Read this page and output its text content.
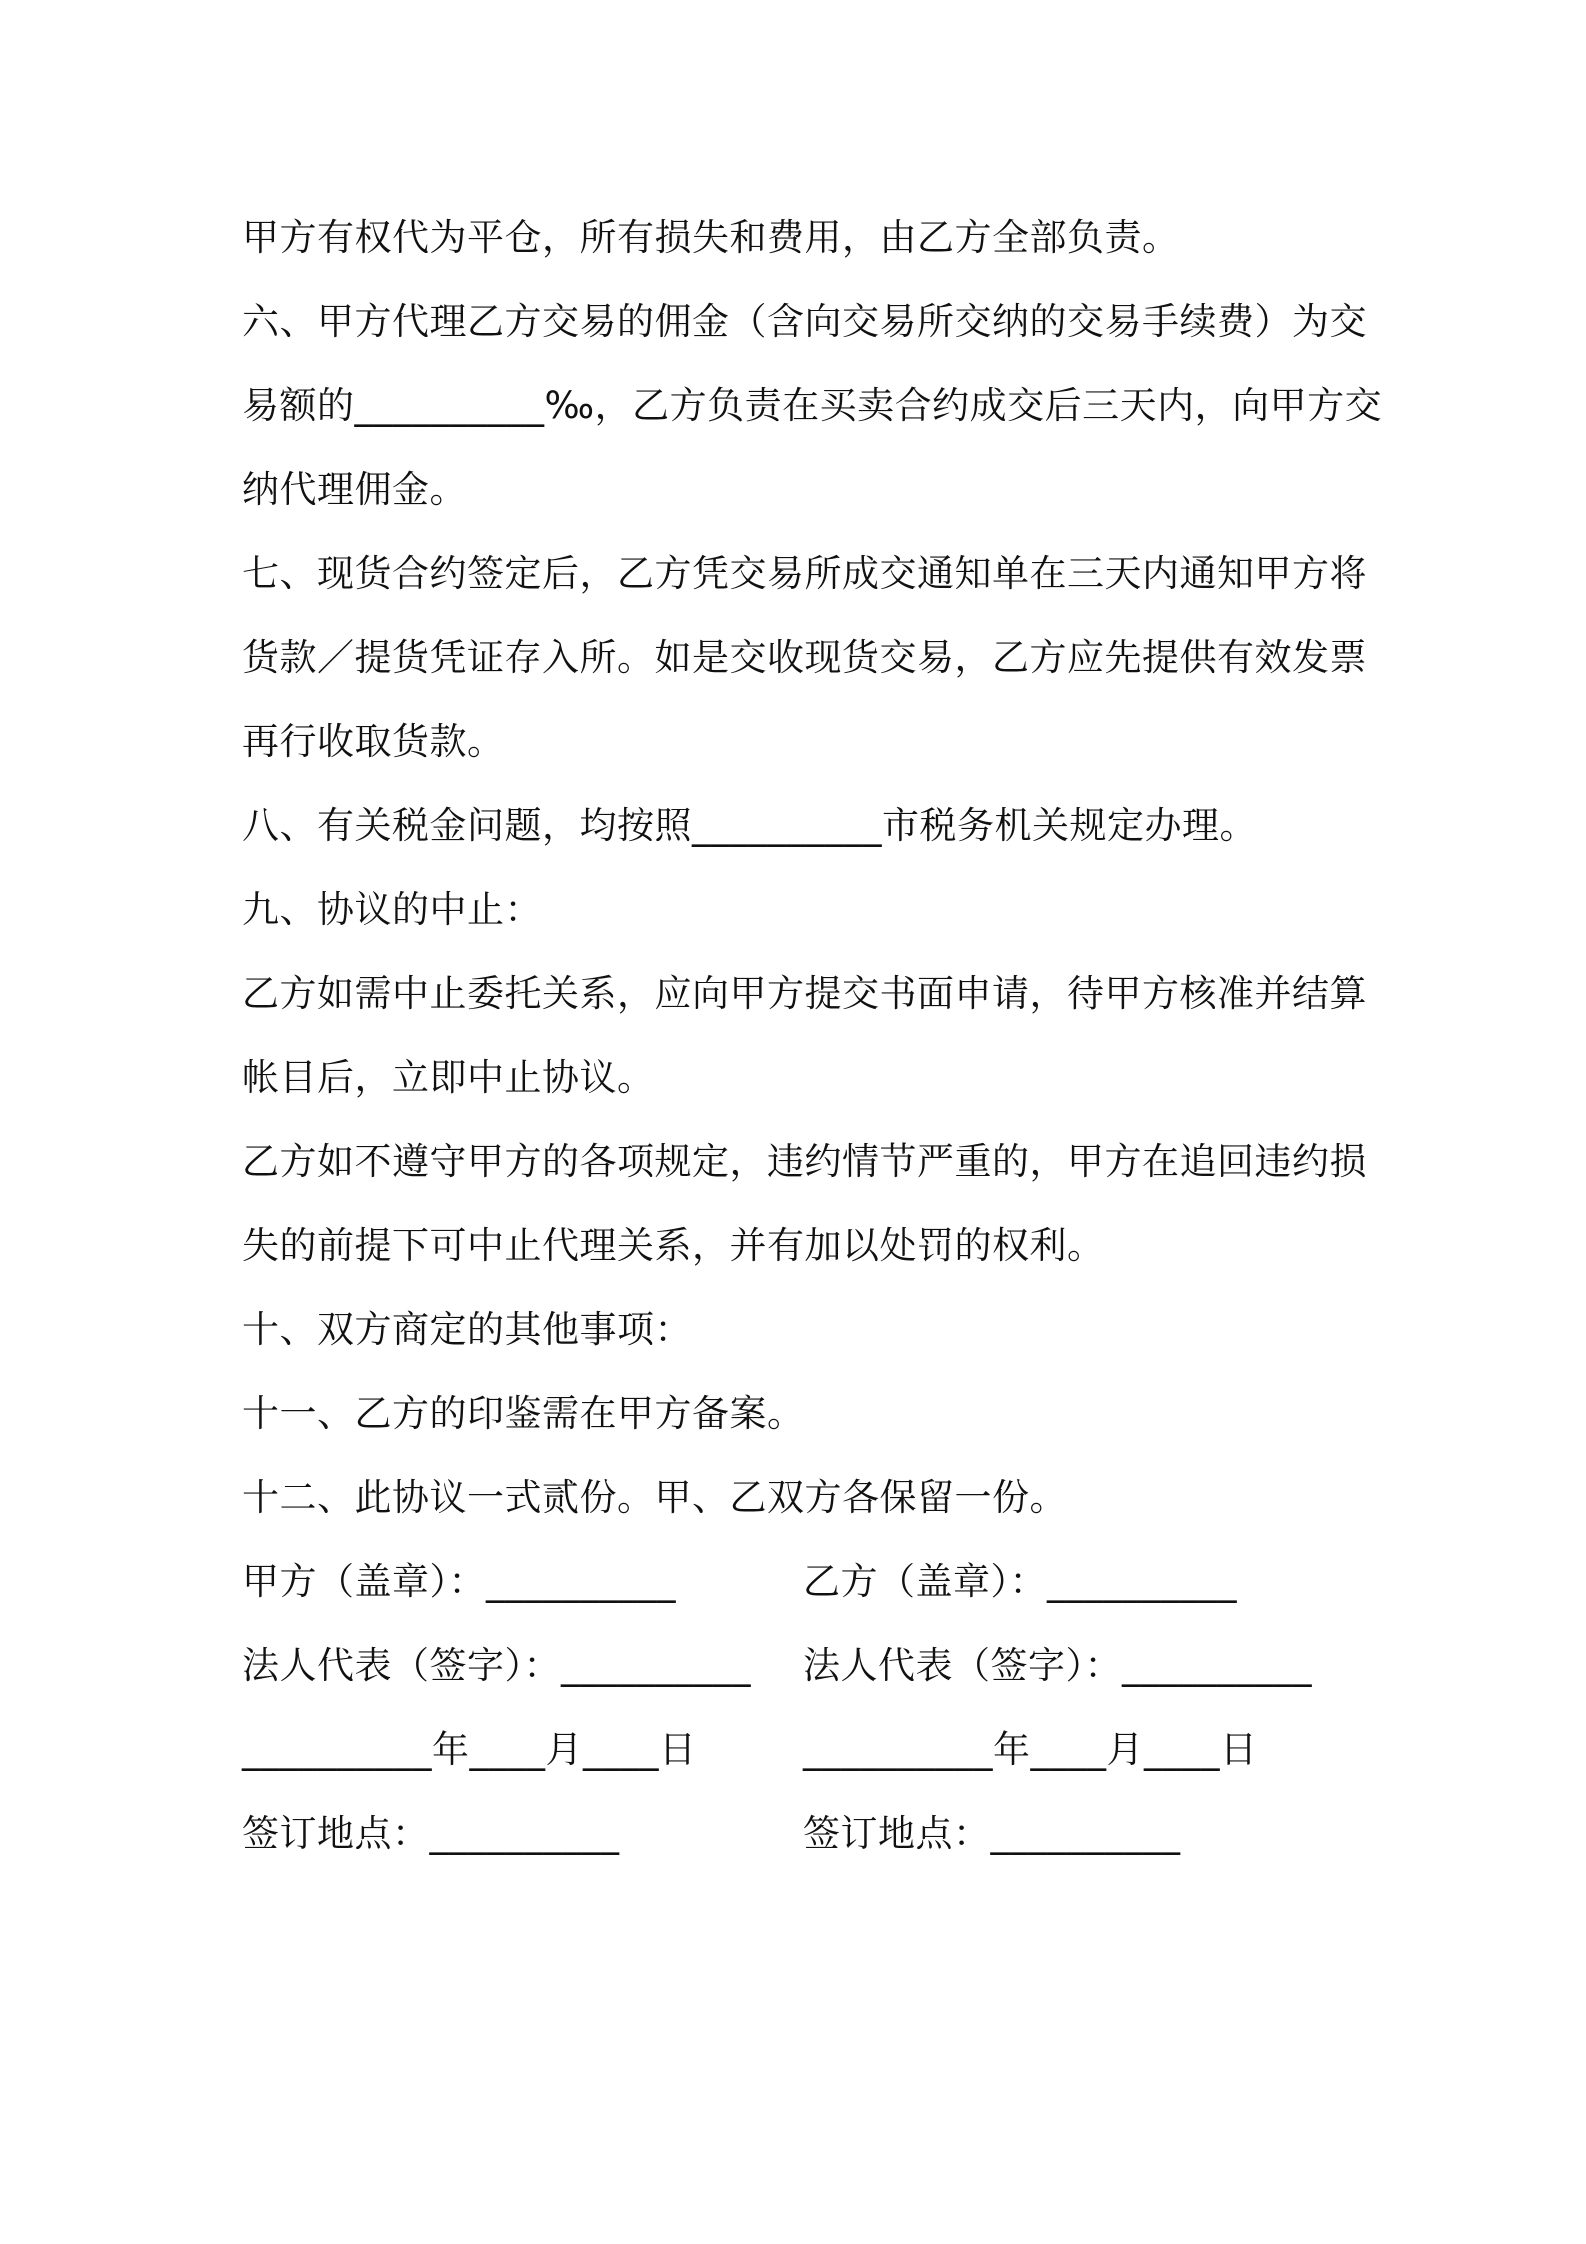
甲方有权代为平仓，所有损失和费用，由乙方全部负责。
六、甲方代理乙方交易的佣金（含向交易所交纳的交易手续费）为交
易额的__________‰，乙方负责在买卖合约成交后三天内，向甲方交
纳代理佣金。
七、现货合约签定后，乙方凭交易所成交通知单在三天内通知甲方将
货款／提货凭证存入所。如是交收现货交易，乙方应先提供有效发票
再行收取货款。
八、有关税金问题，均按照__________市税务机关规定办理。
九、协议的中止：
乙方如需中止委托关系，应向甲方提交书面申请，待甲方核准并结算
帐目后，立即中止协议。
乙方如不遵守甲方的各项规定，违约情节严重的，甲方在追回违约损
失的前提下可中止代理关系，并有加以处罚的权利。
十、双方商定的其他事项：
十一、乙方的印鉴需在甲方备案。
十二、此协议一式贰份。甲、乙双方各保留一份。
甲方（盖章）：__________	乙方（盖章）：__________
法人代表（签字）：__________	法人代表（签字）：__________
__________年____月____日	__________年____月____日
签订地点：__________	签订地点：__________
